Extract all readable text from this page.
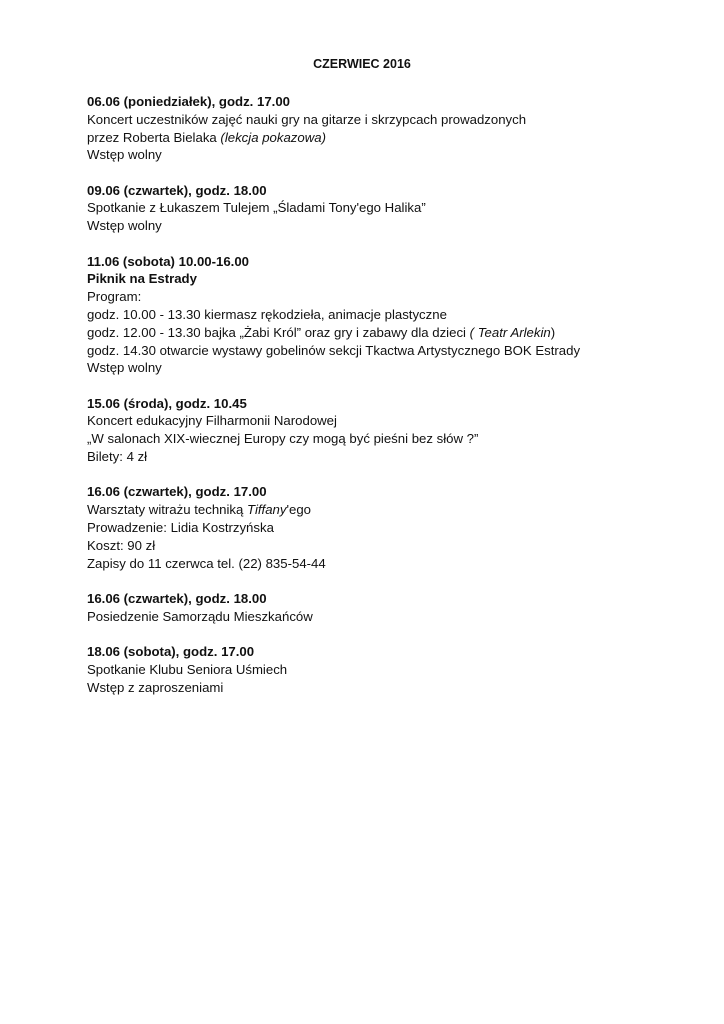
CZERWIEC 2016
06.06 (poniedziałek), godz. 17.00
Koncert uczestników zajęć nauki gry na gitarze i skrzypcach prowadzonych
przez Roberta Bielaka (lekcja pokazowa)
Wstęp wolny
09.06 (czwartek), godz. 18.00
Spotkanie z Łukaszem Tulejem „Śladami Tony'ego Halika”
Wstęp wolny
11.06 (sobota) 10.00-16.00
Piknik na Estrady
Program:
godz. 10.00 - 13.30 kiermasz rękodzieła, animacje plastyczne
godz. 12.00 - 13.30 bajka „Żabi Król” oraz gry i zabawy dla dzieci ( Teatr Arlekin)
godz. 14.30 otwarcie wystawy gobelinów sekcji Tkactwa Artystycznego BOK Estrady
Wstęp wolny
15.06 (środa), godz. 10.45
Koncert edukacyjny Filharmonii Narodowej
„W salonach XIX-wiecznej Europy czy mogą być pieśni bez słów ?”
Bilety: 4 zł
16.06 (czwartek), godz. 17.00
Warsztaty witrażu techniką Tiffany'ego
Prowadzenie: Lidia Kostrzyńska
Koszt: 90 zł
Zapisy do 11 czerwca tel. (22) 835-54-44
16.06 (czwartek), godz. 18.00
Posiedzenie Samorządu Mieszkańców
18.06 (sobota), godz. 17.00
Spotkanie Klubu Seniora Uśmiech
Wstęp z zaproszeniami
